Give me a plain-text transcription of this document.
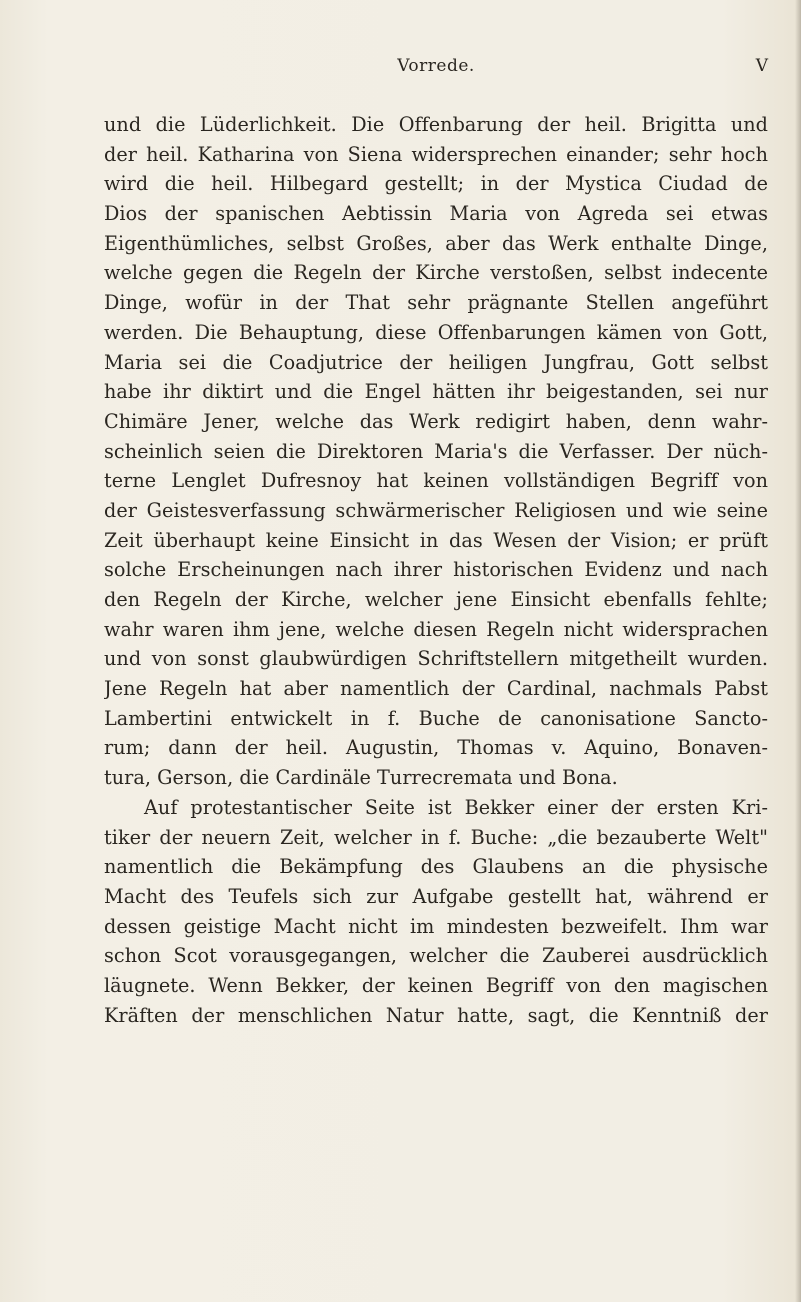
Vorrede.	V
und die Lüderlichkeit. Die Offenbarung der heil. Brigitta und
der heil. Katharina von Siena widersprechen einander; sehr hoch
wird die heil. Hilbegard gestellt; in der Mystica Ciudad de
Dios der spanischen Aebtissin Maria von Agreda sei etwas
Eigenthümliches, selbst Großes, aber das Werk enthalte Dinge,
welche gegen die Regeln der Kirche verstoßen, selbst indecente
Dinge, wofür in der That sehr prägnante Stellen angeführt
werden. Die Behauptung, diese Offenbarungen kämen von Gott,
Maria sei die Coadjutrice der heiligen Jungfrau, Gott selbst
habe ihr diktirt und die Engel hätten ihr beigestanden, sei nur
Chimäre Jener, welche das Werk redigirt haben, denn wahr-
scheinlich seien die Direktoren Maria's die Verfasser. Der nüch-
terne Lenglet Dufresnoy hat keinen vollständigen Begriff von
der Geistesverfassung schwärmerischer Religiosen und wie seine
Zeit überhaupt keine Einsicht in das Wesen der Vision; er prüft
solche Erscheinungen nach ihrer historischen Evidenz und nach
den Regeln der Kirche, welcher jene Einsicht ebenfalls fehlte;
wahr waren ihm jene, welche diesen Regeln nicht widersprachen
und von sonst glaubwürdigen Schriftstellern mitgetheilt wurden.
Jene Regeln hat aber namentlich der Cardinal, nachmals Pabst
Lambertini entwickelt in f. Buche de canonisatione Sancto-
rum; dann der heil. Augustin, Thomas v. Aquino, Bonaven-
tura, Gerson, die Cardinäle Turrecremata und Bona.
Auf protestantischer Seite ist Bekker einer der ersten Kri-
tiker der neuern Zeit, welcher in f. Buche: „die bezauberte Welt"
namentlich die Bekämpfung des Glaubens an die physische
Macht des Teufels sich zur Aufgabe gestellt hat, während er
dessen geistige Macht nicht im mindesten bezweifelt. Ihm war
schon Scot vorausgegangen, welcher die Zauberei ausdrücklich
läugnete. Wenn Bekker, der keinen Begriff von den magischen
Kräften der menschlichen Natur hatte, sagt, die Kenntniß der
